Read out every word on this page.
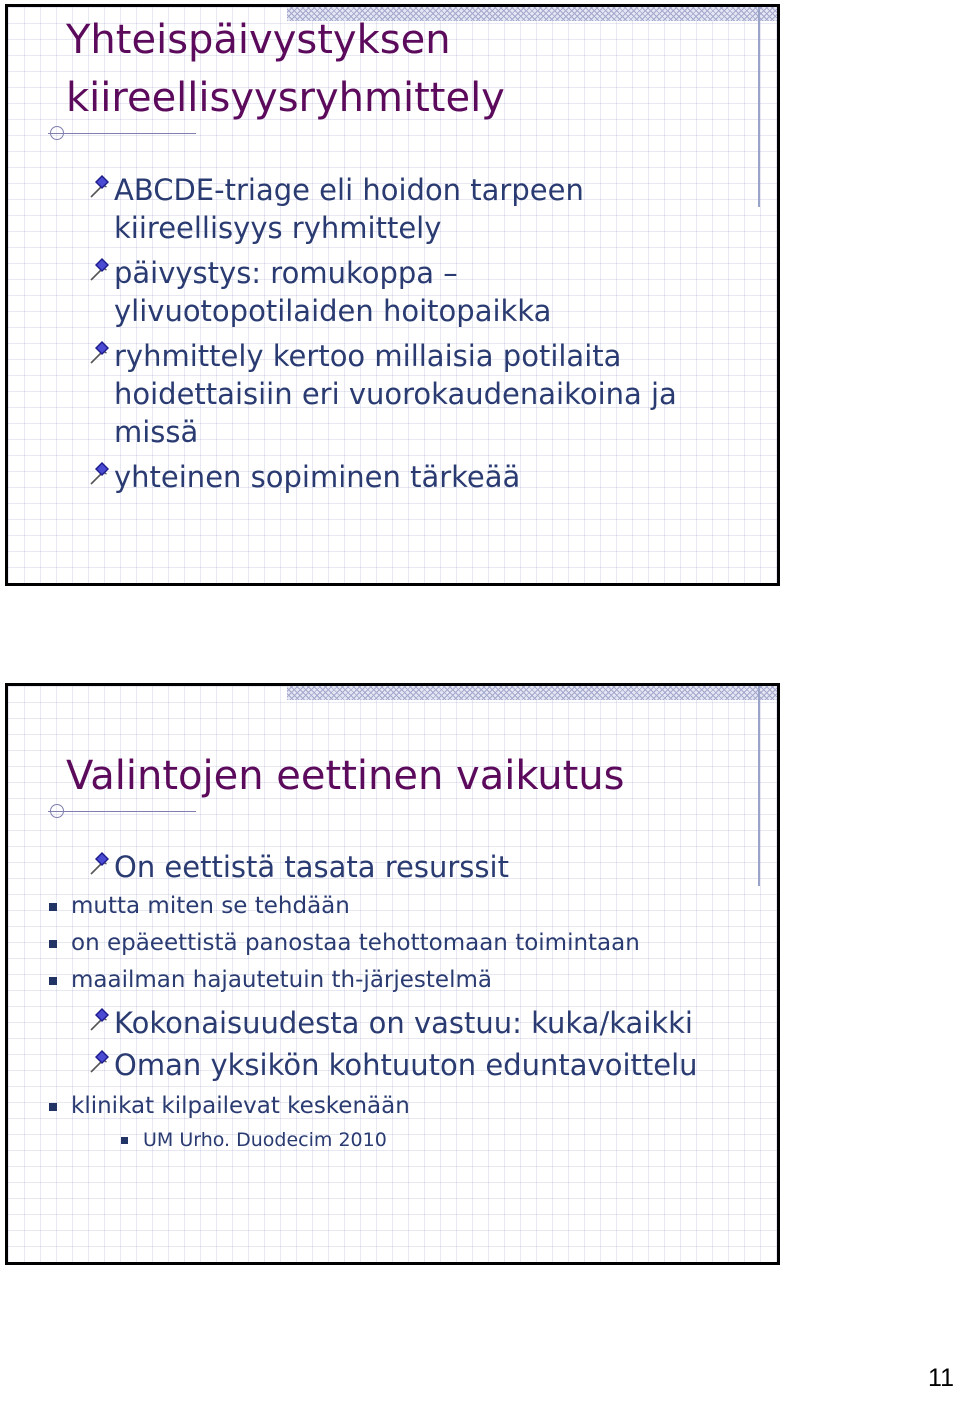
Yhteispäivystyksen
kiireellisyysryhmittely
ABCDE-triage eli hoidon tarpeen
kiireellisyys ryhmittely
päivystys: romukoppa –
ylivuotopotilaiden hoitopaikka
ryhmittely kertoo millaisia potilaita
hoidettaisiin eri vuorokaudenaikoina ja
missä
yhteinen sopiminen tärkeää
Valintojen eettinen vaikutus
On eettistä tasata resurssit
mutta miten se tehdään
on epäeettistä panostaa tehottomaan toimintaan
maailman hajautetuin th-järjestelmä
Kokonaisuudesta on vastuu: kuka/kaikki
Oman yksikön kohtuuton eduntavoittelu
klinikat kilpailevat keskenään
UM Urho. Duodecim 2010
11
